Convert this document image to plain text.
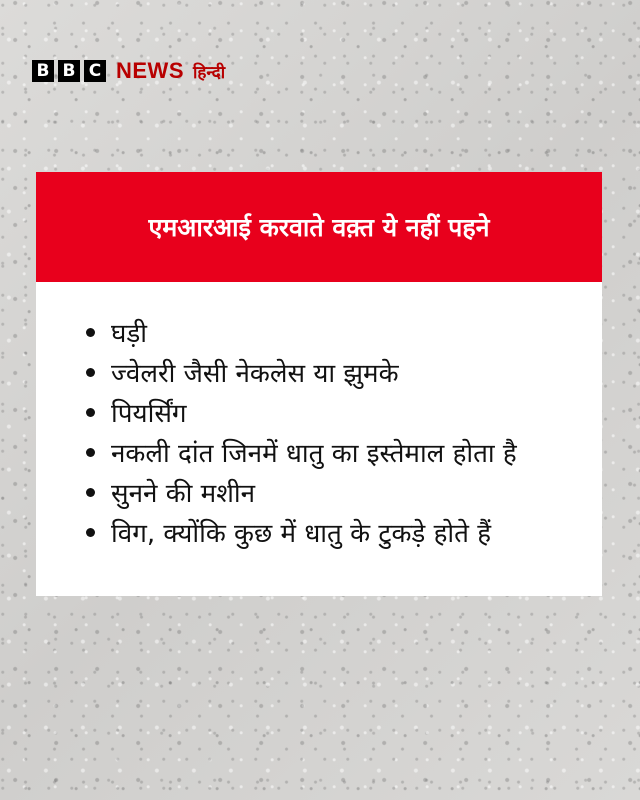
B B C NEWS हिन्दी
एमआरआई करवाते वक़्त ये नहीं पहने
घड़ी
ज्वेलरी जैसी नेकलेस या झुमके
पियर्सिंग
नकली दांत जिनमें धातु का इस्तेमाल होता है
सुनने की मशीन
विग, क्योंकि कुछ में धातु के टुकड़े होते हैं
